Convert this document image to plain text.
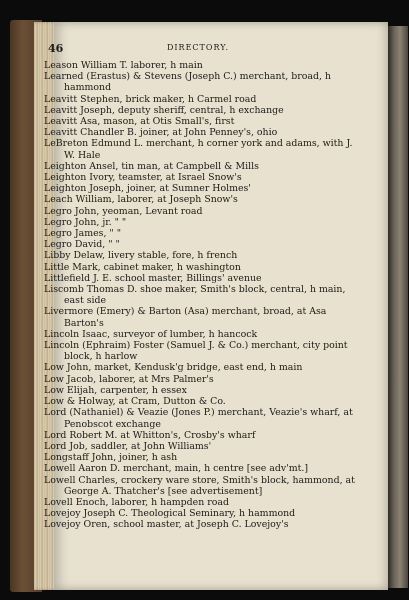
46	DIRECTORY.
Leason William T. laborer, h main
Learned (Erastus) & Stevens (Joseph C.) merchant, broad, h hammond
Leavitt Stephen, brick maker, h Carmel road
Leavitt Joseph, deputy sheriff, central, h exchange
Leavitt Asa, mason, at Otis Small's, first
Leavitt Chandler B. joiner, at John Penney's, ohio
LeBreton Edmund L. merchant, h corner york and adams, with J. W. Hale
Leighton Ansel, tin man, at Campbell & Mills
Leighton Ivory, teamster, at Israel Snow's
Leighton Joseph, joiner, at Sumner Holmes'
Leach William, laborer, at Joseph Snow's
Legro John, yeoman, Levant road
Legro John, jr. " "
Legro James, " "
Legro David, " "
Libby Delaw, livery stable, fore, h french
Little Mark, cabinet maker, h washington
Littlefield J. E. school master, Billings' avenue
Liscomb Thomas D. shoe maker, Smith's block, central, h main, east side
Livermore (Emery) & Barton (Asa) merchant, broad, at Asa Barton's
Lincoln Isaac, surveyor of lumber, h hancock
Lincoln (Ephraim) Foster (Samuel J. & Co.) merchant, city point block, h harlow
Low John, market, Kendusk'g bridge, east end, h main
Low Jacob, laborer, at Mrs Palmer's
Low Elijah, carpenter, h essex
Low & Holway, at Cram, Dutton & Co.
Lord (Nathaniel) & Veazie (Jones P.) merchant, Veazie's wharf, at Penobscot exchange
Lord Robert M. at Whitton's, Crosby's wharf
Lord Job, saddler, at John Williams'
Longstaff John, joiner, h ash
Lowell Aaron D. merchant, main, h centre [see adv'mt.]
Lowell Charles, crockery ware store, Smith's block, hammond, at George A. Thatcher's [see advertisement]
Lovell Enoch, laborer, h hampden road
Lovejoy Joseph C. Theological Seminary, h hammond
Lovejoy Oren, school master, at Joseph C. Lovejoy's
